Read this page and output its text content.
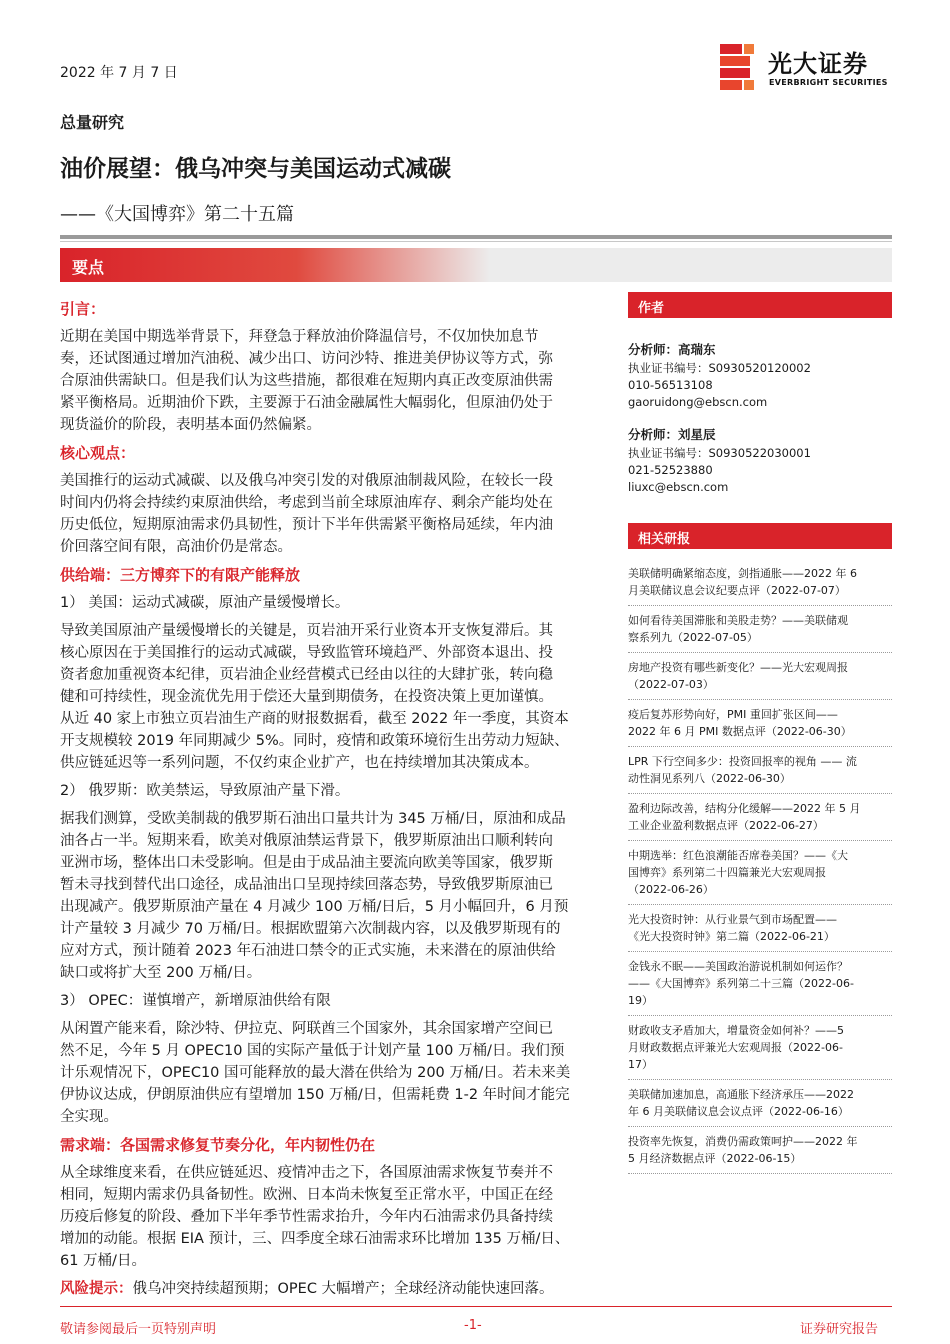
2022 年 7 月 7 日	光大证券
EVERBRIGHT SECURITIES
总量研究
油价展望：俄乌冲突与美国运动式减碳
——《大国博弈》第二十五篇
要点
引言：
近期在美国中期选举背景下，拜登急于释放油价降温信号，不仅加快加息节
奏，还试图通过增加汽油税、减少出口、访问沙特、推进美伊协议等方式，弥
合原油供需缺口。但是我们认为这些措施，都很难在短期内真正改变原油供需
紧平衡格局。近期油价下跌，主要源于石油金融属性大幅弱化，但原油仍处于
现货溢价的阶段，表明基本面仍然偏紧。
核心观点：
美国推行的运动式减碳、以及俄乌冲突引发的对俄原油制裁风险，在较长一段
时间内仍将会持续约束原油供给，考虑到当前全球原油库存、剩余产能均处在
历史低位，短期原油需求仍具韧性，预计下半年供需紧平衡格局延续，年内油
价回落空间有限，高油价仍是常态。
供给端：三方博弈下的有限产能释放
1） 美国：运动式减碳，原油产量缓慢增长。
导致美国原油产量缓慢增长的关键是，页岩油开采行业资本开支恢复滞后。其
核心原因在于美国推行的运动式减碳，导致监管环境趋严、外部资本退出、投
资者愈加重视资本纪律，页岩油企业经营模式已经由以往的大肆扩张，转向稳
健和可持续性，现金流优先用于偿还大量到期债务，在投资决策上更加谨慎。
从近 40 家上市独立页岩油生产商的财报数据看，截至 2022 年一季度，其资本
开支规模较 2019 年同期减少 5%。同时，疫情和政策环境衍生出劳动力短缺、
供应链延迟等一系列问题，不仅约束企业扩产，也在持续增加其决策成本。
2） 俄罗斯：欧美禁运，导致原油产量下滑。
据我们测算，受欧美制裁的俄罗斯石油出口量共计为 345 万桶/日，原油和成品
油各占一半。短期来看，欧美对俄原油禁运背景下，俄罗斯原油出口顺利转向
亚洲市场，整体出口未受影响。但是由于成品油主要流向欧美等国家，俄罗斯
暂未寻找到替代出口途径，成品油出口呈现持续回落态势，导致俄罗斯原油已
出现减产。俄罗斯原油产量在 4 月减少 100 万桶/日后，5 月小幅回升，6 月预
计产量较 3 月减少 70 万桶/日。根据欧盟第六次制裁内容，以及俄罗斯现有的
应对方式，预计随着 2023 年石油进口禁令的正式实施，未来潜在的原油供给
缺口或将扩大至 200 万桶/日。
3） OPEC：谨慎增产，新增原油供给有限
从闲置产能来看，除沙特、伊拉克、阿联酋三个国家外，其余国家增产空间已
然不足，今年 5 月 OPEC10 国的实际产量低于计划产量 100 万桶/日。我们预
计乐观情况下，OPEC10 国可能释放的最大潜在供给为 200 万桶/日。若未来美
伊协议达成，伊朗原油供应有望增加 150 万桶/日，但需耗费 1-2 年时间才能完
全实现。
需求端：各国需求修复节奏分化，年内韧性仍在
从全球维度来看，在供应链延迟、疫情冲击之下，各国原油需求恢复节奏并不
相同，短期内需求仍具备韧性。欧洲、日本尚未恢复至正常水平，中国正在经
历疫后修复的阶段、叠加下半年季节性需求抬升，今年内石油需求仍具备持续
增加的动能。根据 EIA 预计，三、四季度全球石油需求环比增加 135 万桶/日、
61 万桶/日。
风险提示：俄乌冲突持续超预期；OPEC 大幅增产；全球经济动能快速回落。
作者
分析师：高瑞东
执业证书编号：S0930520120002
010-56513108
gaoruidong@ebscn.com
分析师：刘星辰
执业证书编号：S0930522030001
021-52523880
liuxc@ebscn.com
相关研报
美联储明确紧缩态度，剑指通胀——2022 年 6
月美联储议息会议纪要点评（2022-07-07）
如何看待美国滞胀和美股走势？——美联储观
察系列九（2022-07-05）
房地产投资有哪些新变化？——光大宏观周报
（2022-07-03）
疫后复苏形势向好，PMI 重回扩张区间——
2022 年 6 月 PMI 数据点评（2022-06-30）
LPR 下行空间多少：投资回报率的视角 —— 流
动性洞见系列八（2022-06-30）
盈利边际改善，结构分化缓解——2022 年 5 月
工业企业盈利数据点评（2022-06-27）
中期选举：红色浪潮能否席卷美国？——《大
国博弈》系列第二十四篇兼光大宏观周报
（2022-06-26）
光大投资时钟：从行业景气到市场配置——
《光大投资时钟》第二篇（2022-06-21）
金钱永不眠——美国政治游说机制如何运作？
——《大国博弈》系列第二十三篇（2022-06-
19）
财政收支矛盾加大，增量资金如何补？——5
月财政数据点评兼光大宏观周报（2022-06-
17）
美联储加速加息，高通胀下经济承压——2022
年 6 月美联储议息会议点评（2022-06-16）
投资率先恢复，消费仍需政策呵护——2022 年
5 月经济数据点评（2022-06-15）
敬请参阅最后一页特别声明	-1-	证券研究报告
